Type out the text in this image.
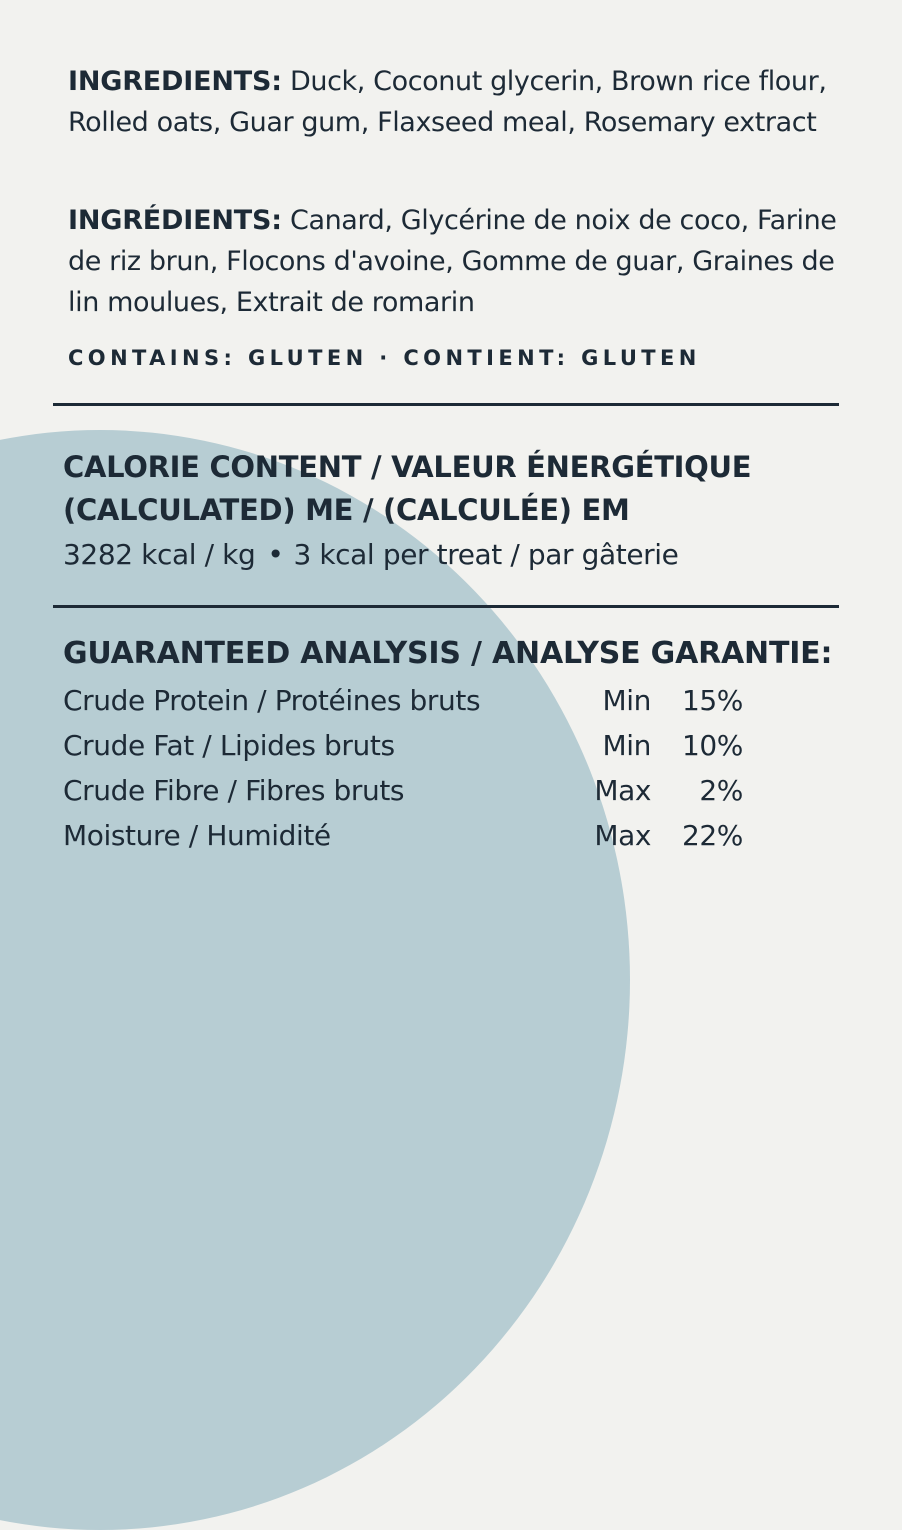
INGREDIENTS: Duck, Coconut glycerin, Brown rice flour, Rolled oats, Guar gum, Flaxseed meal, Rosemary extract

INGRÉDIENTS: Canard, Glycérine de noix de coco, Farine de riz brun, Flocons d'avoine, Gomme de guar, Graines de lin moulues, Extrait de romarin

CONTAINS: GLUTEN · CONTIENT: GLUTEN
CALORIE CONTENT / VALEUR ÉNERGÉTIQUE
(CALCULATED) ME / (CALCULÉE) EM
3282 kcal / kg • 3 kcal per treat / par gâterie
GUARANTEED ANALYSIS / ANALYSE GARANTIE:
Crude Protein / Protéines bruts	Min 15%
Crude Fat / Lipides bruts	Min 10%
Crude Fibre / Fibres bruts	Max 2%
Moisture / Humidité	Max 22%
